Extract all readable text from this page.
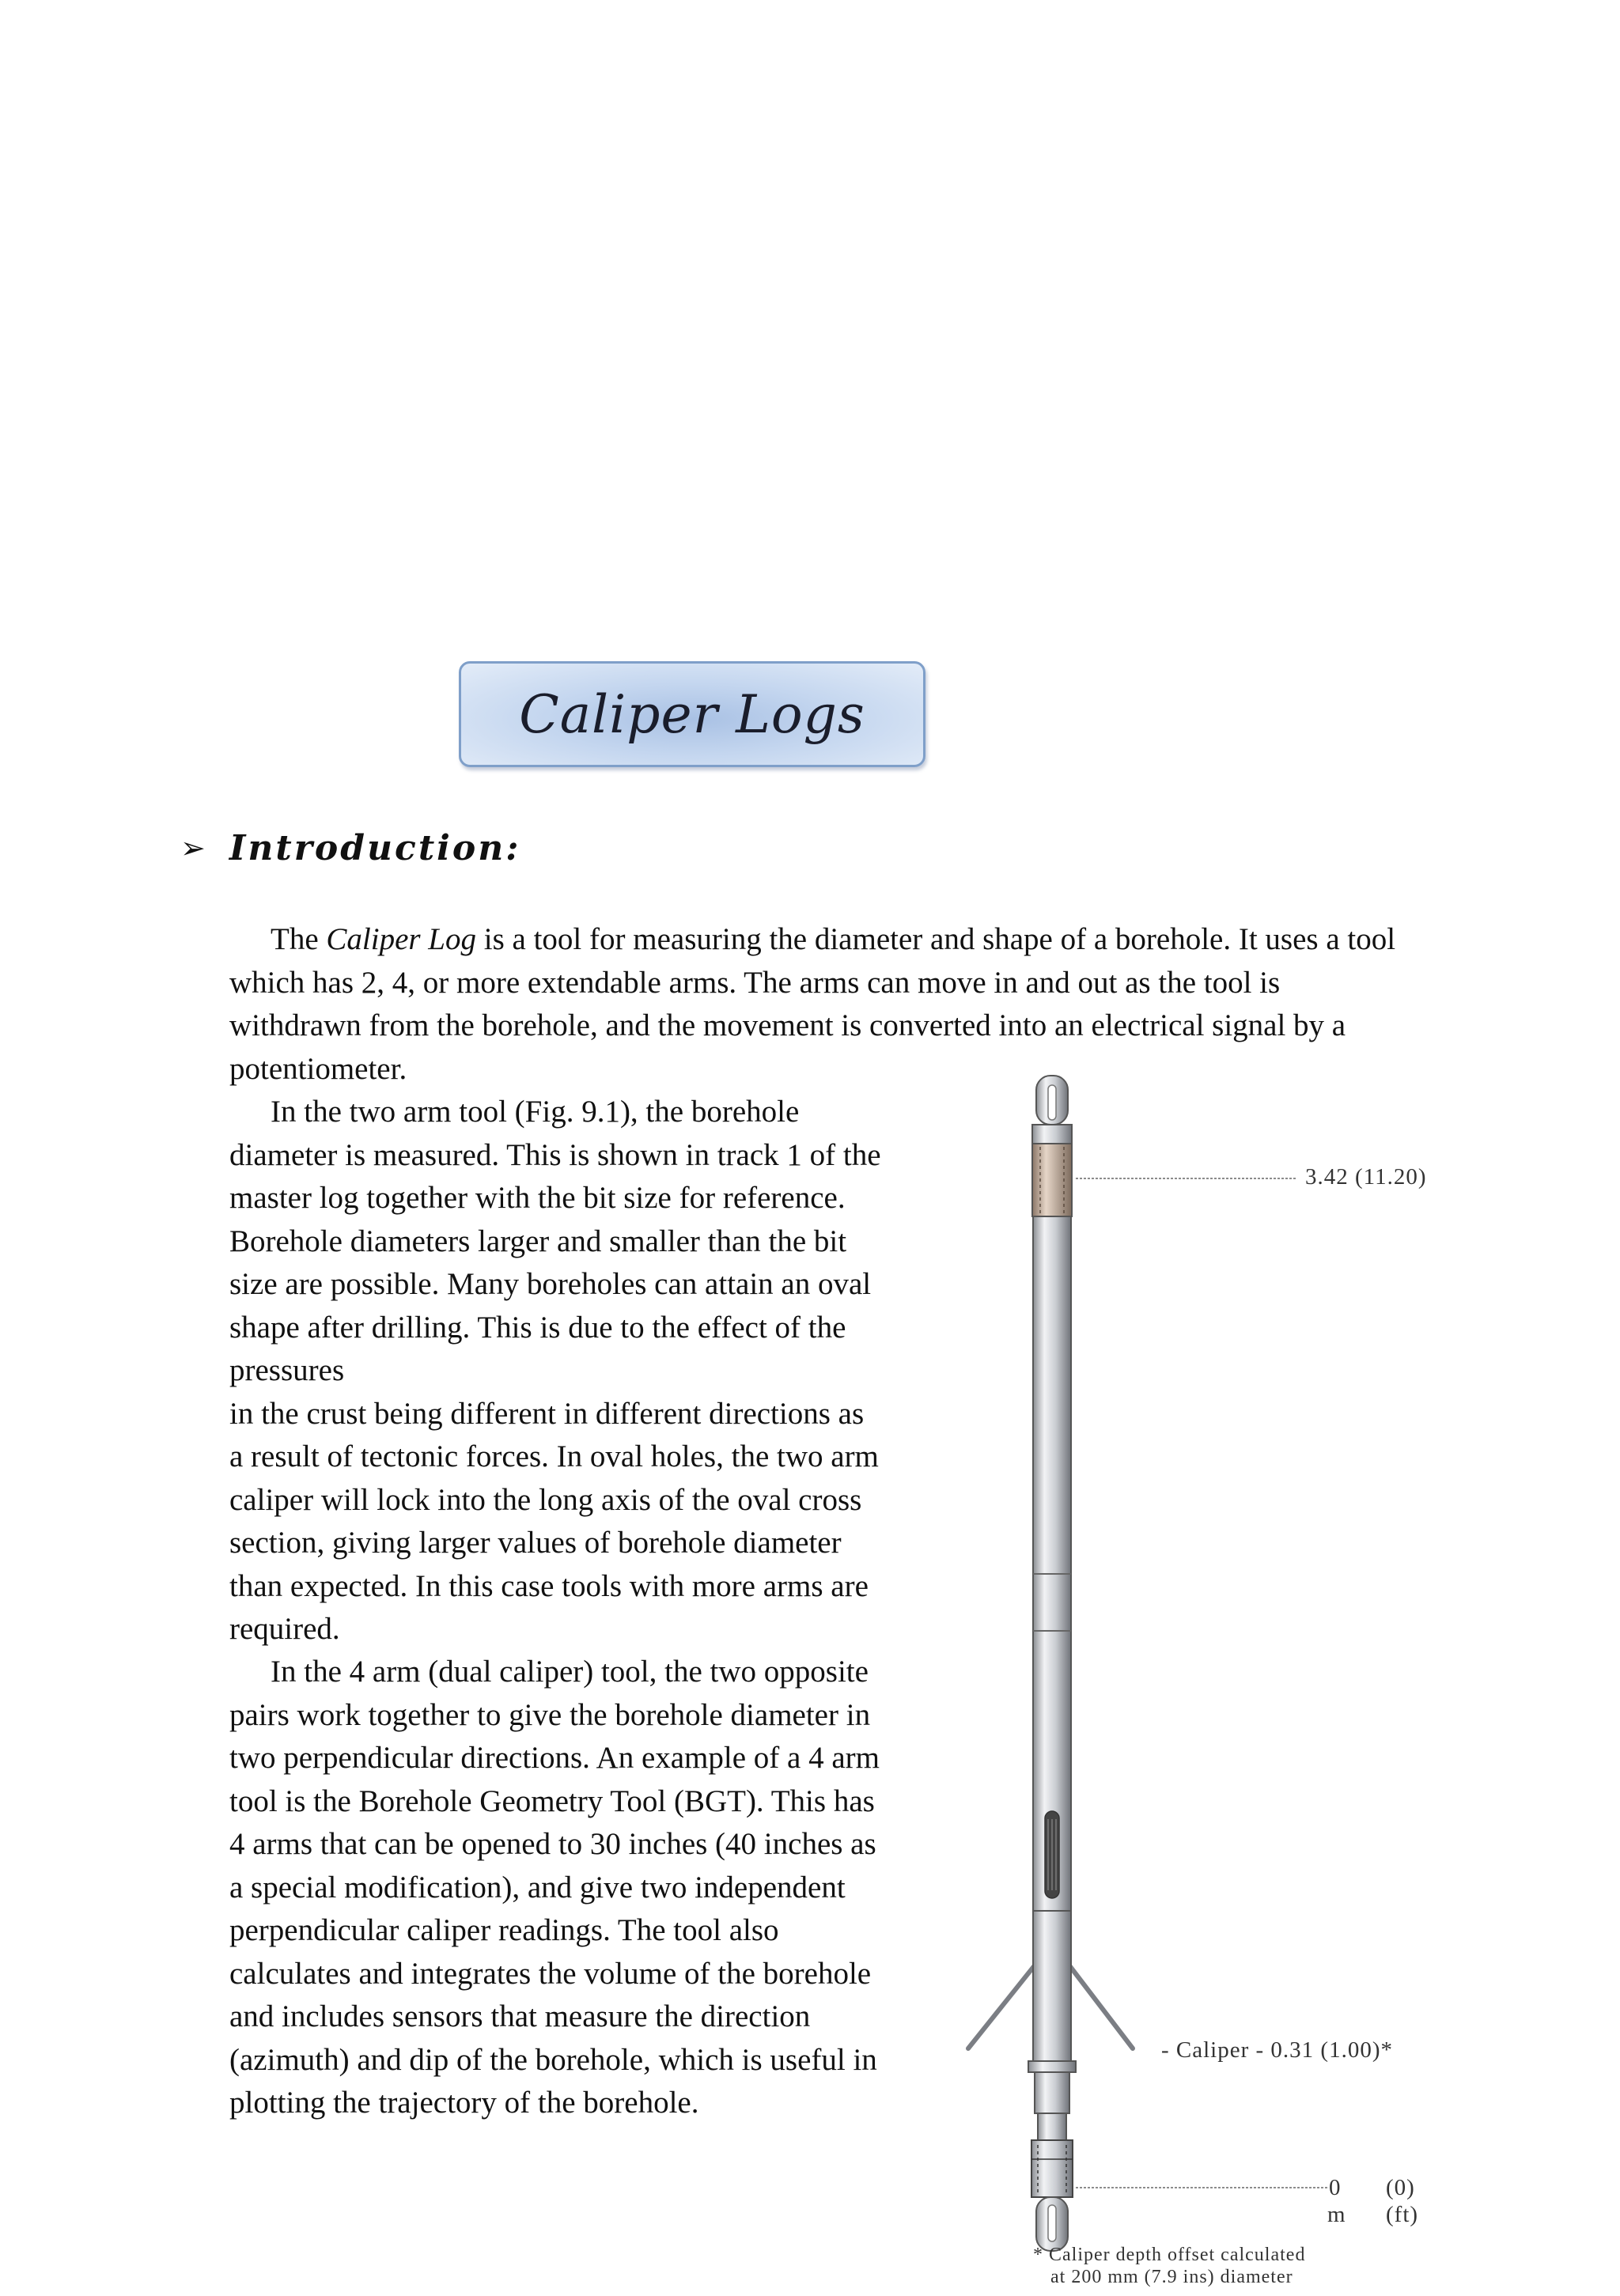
Caliper Logs
➢ Introduction:

The Caliper Log is a tool for measuring the diameter and shape of a borehole. It uses a tool
which has 2, 4, or more extendable arms. The arms can move in and out as the tool is
withdrawn from the borehole, and the movement is converted into an electrical signal by a
potentiometer.

In the two arm tool (Fig. 9.1), the borehole
diameter is measured. This is shown in track 1 of the
master log together with the bit size for reference.
Borehole diameters larger and smaller than the bit
size are possible. Many boreholes can attain an oval
shape after drilling. This is due to the effect of the
pressures
in the crust being different in different directions as
a result of tectonic forces. In oval holes, the two arm
caliper will lock into the long axis of the oval cross
section, giving larger values of borehole diameter
than expected. In this case tools with more arms are
required.

In the 4 arm (dual caliper) tool, the two opposite
pairs work together to give the borehole diameter in
two perpendicular directions. An example of a 4 arm
tool is the Borehole Geometry Tool (BGT). This has
4 arms that can be opened to 30 inches (40 inches as
a special modification), and give two independent
perpendicular caliper readings. The tool also
calculates and integrates the volume of the borehole
and includes sensors that measure the direction
(azimuth) and dip of the borehole, which is useful in
plotting the trajectory of the borehole.

3.42 (11.20)
- Caliper - 0.31 (1.00)*
0 (0)
m (ft)
* Caliper depth offset calculated
at 200 mm (7.9 ins) diameter
